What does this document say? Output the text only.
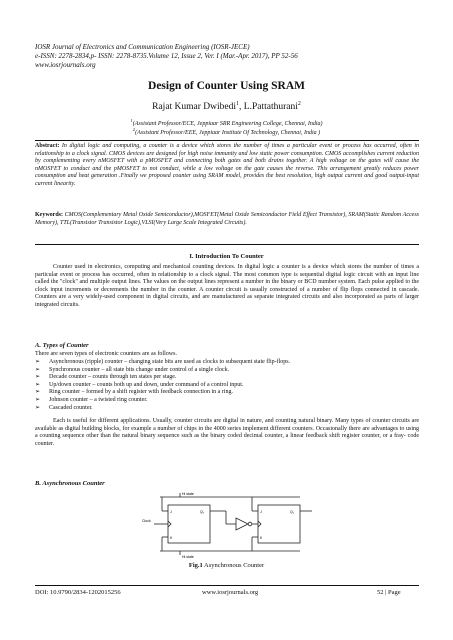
IOSR Journal of Electronics and Communication Engineering (IOSR-JECE)
e-ISSN: 2278-2834,p- ISSN: 2278-8735.Volume 12, Issue 2, Ver. I (Mar.-Apr. 2017), PP 52-56
www.iosrjournals.org
Design of Counter Using SRAM
Rajat Kumar Dwibedi$^1$, L.Pattathurani$^2$
$^1$(Assistant Professor/ECE, Jeppiaar SRR Engineering College, Chennai, India)
$^2$(Assistant Professor/EEE, Jeppiaar Institute Of Technology, Chennai, India )
Abstract: In digital logic and computing, a counter is a device which stores the number of times a particular event or process has occurred, often in relationship to a clock signal. CMOS devices are designed for high noise immunity and low static power consumption. CMOS accomplishes current reduction by complementing every nMOSFET with a pMOSFET and connecting both gates and both drains together. A high voltage on the gates will cause the nMOSFET to conduct and the pMOSFET to not conduct, while a low voltage on the gate causes the reverse. This arrangement greatly reduces power consumption and heat generation .Finally we proposed counter using SRAM model, provides the best resolution, high output current and good output-input current linearity.
Keywords: CMOS(Complementary Metal Oxide Semiconductor),MOSFET(Metal Oxide Semiconductor Field Effect Transistor), SRAM(Static Random Access Memory), TTL(Transistor Transistor Logic),VLSI(Very Large Scale Integrated Circuits).
I. Introduction To Counter
Counter used in electronics, computing and mechanical counting devices. In digital logic a counter is a device which stores the number of times a particular event or process has occurred, often in relationship to a clock signal. The most common type is sequential digital logic circuit with an input line called the "clock" and multiple output lines. The values on the output lines represent a number in the binary or BCD number system. Each pulse applied to the clock input increments or decrements the number in the counter. A counter circuit is usually constructed of a number of flip flops connected in cascade. Counters are a very widely-used component in digital circuits, and are manufactured as separate integrated circuits and also incorporated as parts of larger integrated circuits.
A. Types of Counter
There are seven types of electronic counters are as follows.
➢	Asynchronous (ripple) counter – changing state bits are used as clocks to subsequent state flip-flops.
➢	Synchronous counter – all state bits change under control of a single clock.
➢	Decade counter – counts through ten states per stage.
➢	Up/down counter – counts both up and down, under command of a control input.
➢	Ring counter – formed by a shift register with feedback connection in a ring.
➢	Johnson counter – a twisted ring counter.
➢	Cascaded counter.
Each is useful for different applications. Usually, counter circuits are digital in nature, and counting natural binary. Many types of counter circuits are available as digital building blocks, for example a number of chips in the 4000 series implement different counters. Occasionally there are advantages to using a counting sequence other than the natural binary sequence such as the binary coded decimal counter, a linear feedback shift register counter, or a fray- code counter.
B. Asynchronous Counter
Hi state
Hi state
Clock
J
K
J
K
Q₀	Q₁
Fig.1 Asynchronous Counter
DOI: 10.9790/2834-1202015256	www.iosrjournals.org	52 | Page
